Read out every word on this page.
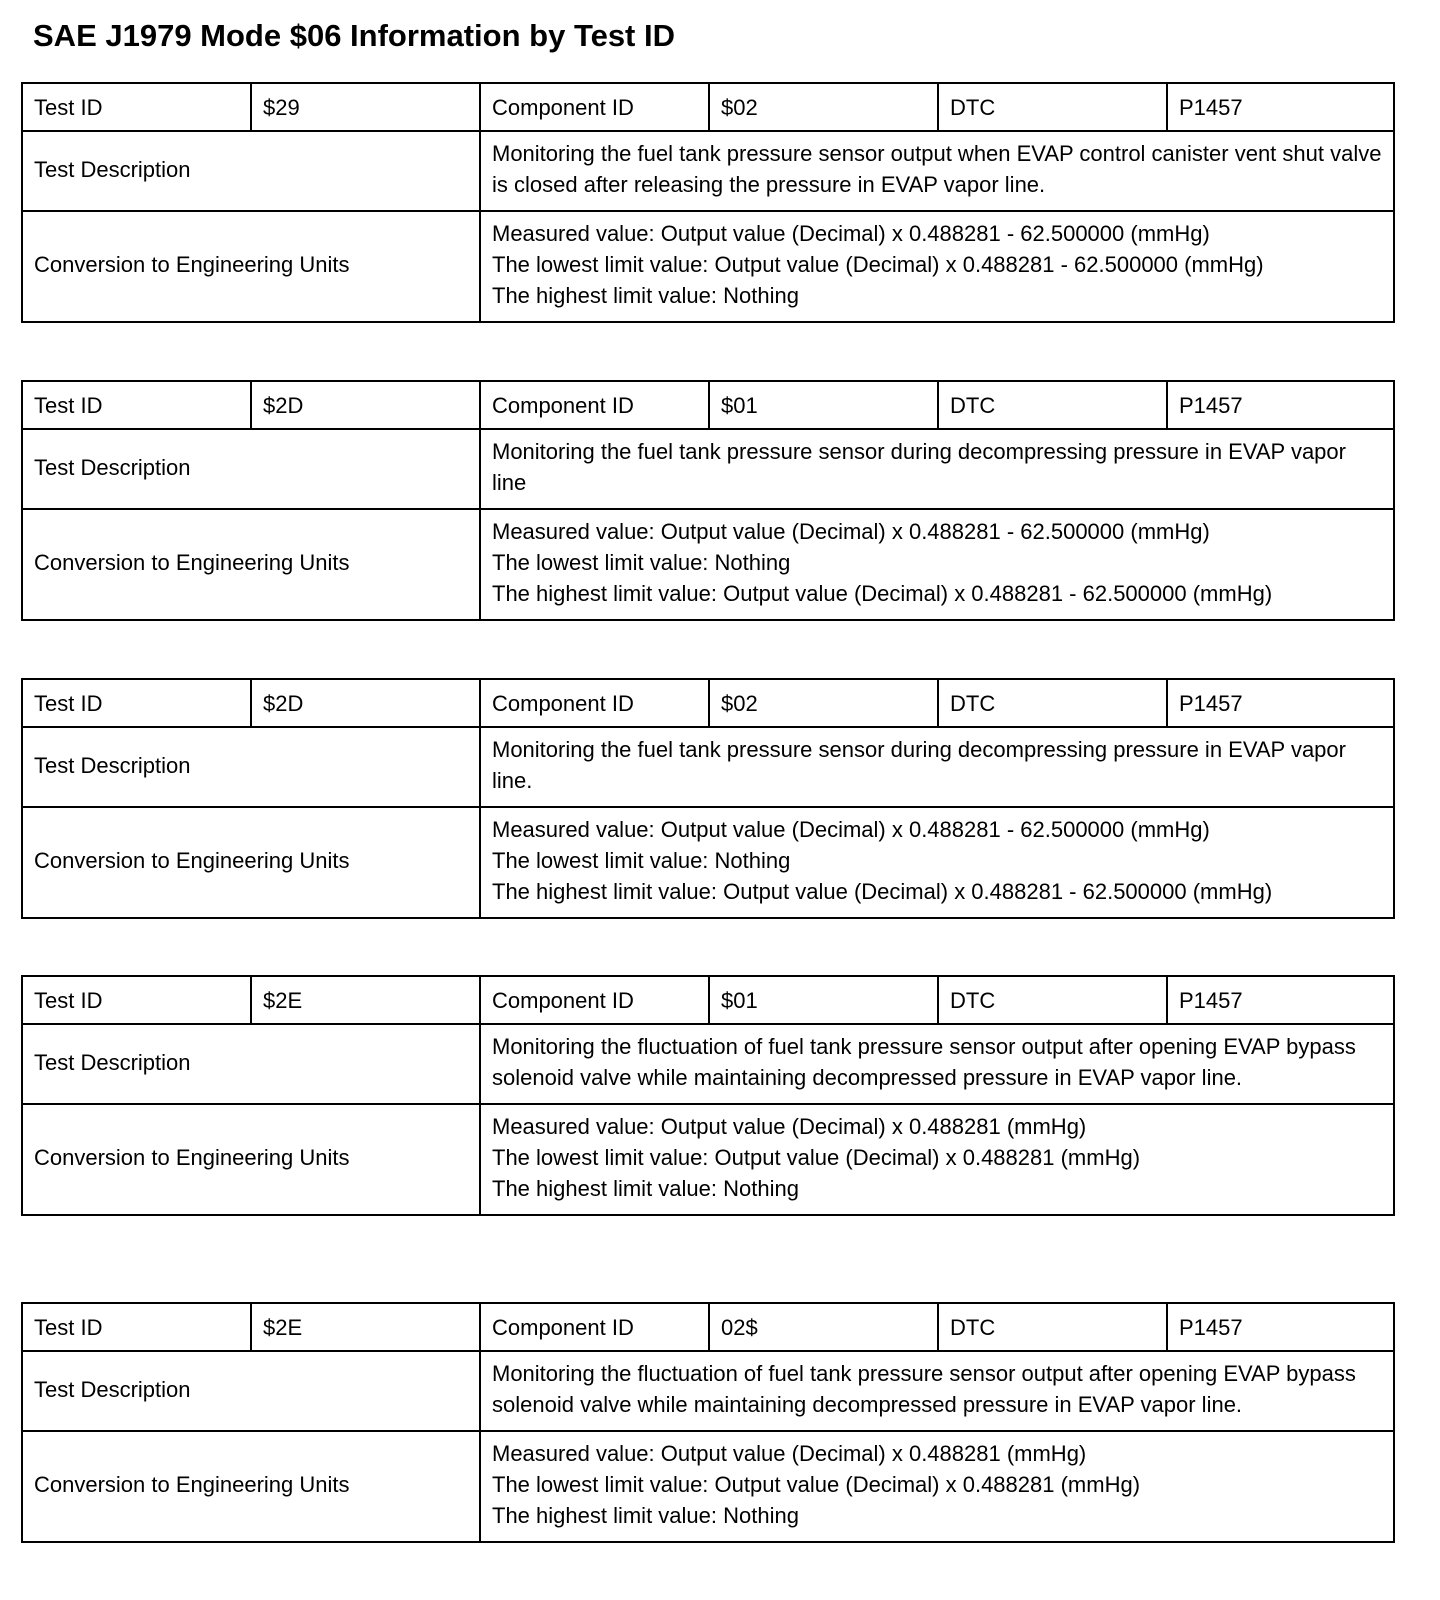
SAE J1979 Mode $06 Information by Test ID
Test ID	$29	Component ID	$02	DTC	P1457
Test Description		Monitoring the fuel tank pressure sensor output when EVAP control canister vent shut valve is closed after releasing the pressure in EVAP vapor line.			

Conversion to Engineering Units		Measured value: Output value (Decimal) x 0.488281 - 62.500000 (mmHg)
The lowest limit value: Output value (Decimal) x 0.488281 - 62.500000 (mmHg)
The highest limit value: Nothing			
Test ID	$2D	Component ID	$01	DTC	P1457
Test Description		Monitoring the fuel tank pressure sensor during decompressing pressure in EVAP vapor line			

Conversion to Engineering Units		Measured value: Output value (Decimal) x 0.488281 - 62.500000 (mmHg)
The lowest limit value: Nothing
The highest limit value: Output value (Decimal) x 0.488281 - 62.500000 (mmHg)			
Test ID	$2D	Component ID	$02	DTC	P1457
Test Description		Monitoring the fuel tank pressure sensor during decompressing pressure in EVAP vapor line.			

Conversion to Engineering Units		Measured value: Output value (Decimal) x 0.488281 - 62.500000 (mmHg)
The lowest limit value: Nothing
The highest limit value: Output value (Decimal) x 0.488281 - 62.500000 (mmHg)			
Test ID	$2E	Component ID	$01	DTC	P1457
Test Description		Monitoring the fluctuation of fuel tank pressure sensor output after opening EVAP bypass solenoid valve while maintaining decompressed pressure in EVAP vapor line.			

Conversion to Engineering Units		Measured value: Output value (Decimal) x 0.488281 (mmHg)
The lowest limit value: Output value (Decimal) x 0.488281 (mmHg)
The highest limit value: Nothing			
Test ID	$2E	Component ID	02$	DTC	P1457
Test Description		Monitoring the fluctuation of fuel tank pressure sensor output after opening EVAP bypass solenoid valve while maintaining decompressed pressure in EVAP vapor line.			

Conversion to Engineering Units		Measured value: Output value (Decimal) x 0.488281 (mmHg)
The lowest limit value: Output value (Decimal) x 0.488281 (mmHg)
The highest limit value: Nothing			
